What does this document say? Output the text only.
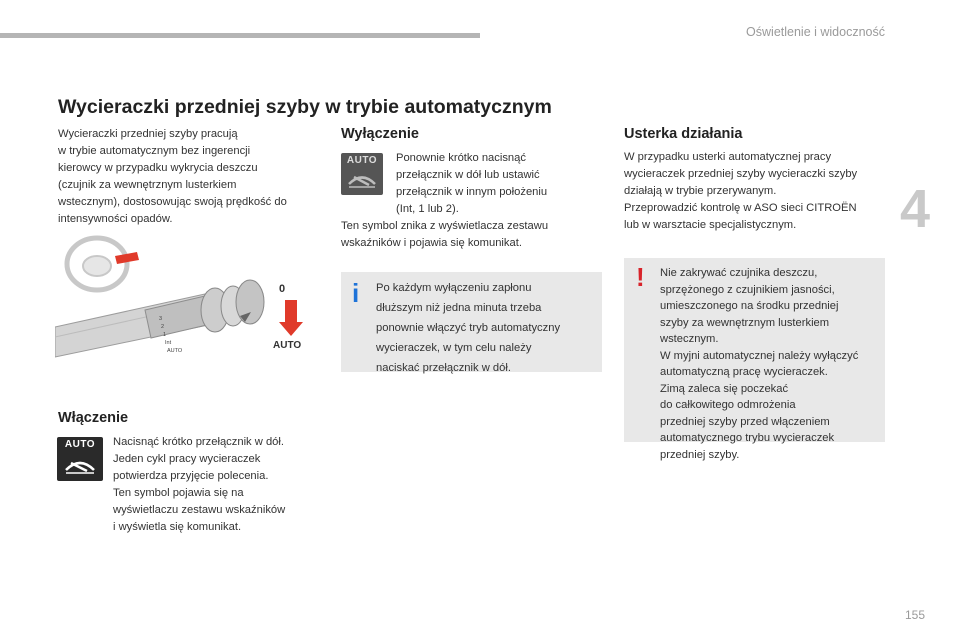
Oświetlenie i widoczność
4
Wycieraczki przedniej szyby w trybie automatycznym

Wycieraczki przedniej szyby pracują
w trybie automatycznym bez ingerencji
kierowcy w przypadku wykrycia deszczu
(czujnik za wewnętrznym lusterkiem
wstecznym), dostosowując swoją prędkość do
intensywności opadów.

3
2
1
Int
AUTO
0
AUTO
Włączenie
AUTO	Nacisnąć krótko przełącznik w dół.
Jeden cykl pracy wycieraczek
potwierdza przyjęcie polecenia.
Ten symbol pojawia się na
wyświetlaczu zestawu wskaźników
i wyświetla się komunikat.

Wyłączenie
AUTO	Ponownie krótko nacisnąć
przełącznik w dół lub ustawić
przełącznik w innym położeniu
(Int, 1 lub 2).

Ten symbol znika z wyświetlacza zestawu
wskaźników i pojawia się komunikat.

i Po każdym wyłączeniu zapłonu
dłuższym niż jedna minuta trzeba
ponownie włączyć tryb automatyczny
wycieraczek, w tym celu należy
naciskać przełącznik w dół.

Usterka działania

W przypadku usterki automatycznej pracy
wycieraczek przedniej szyby wycieraczki szyby
działają w trybie przerywanym.
Przeprowadzić kontrolę w ASO sieci CITROËN
lub w warsztacie specjalistycznym.

! Nie zakrywać czujnika deszczu,
sprzężonego z czujnikiem jasności,
umieszczonego na środku przedniej
szyby za wewnętrznym lusterkiem
wstecznym.
W myjni automatycznej należy wyłączyć
automatyczną pracę wycieraczek.
Zimą zaleca się poczekać
do całkowitego odmrożenia
przedniej szyby przed włączeniem
automatycznego trybu wycieraczek
przedniej szyby.

155
